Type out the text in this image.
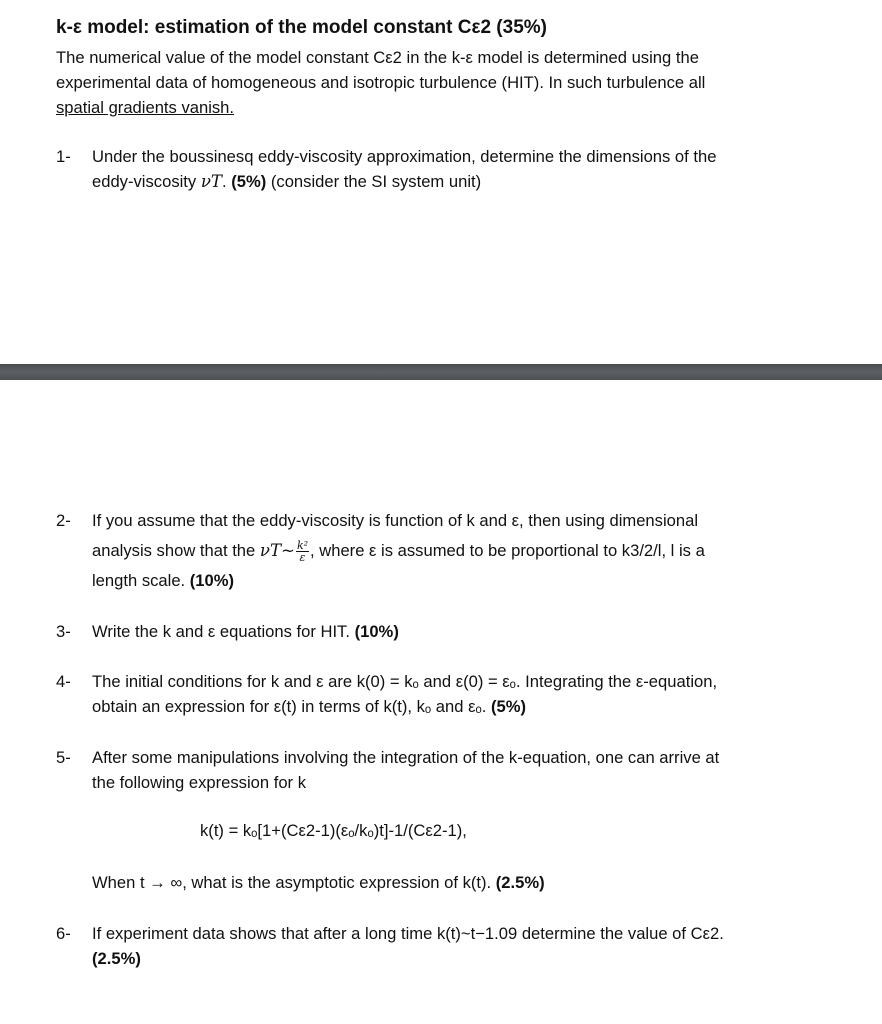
k-ε model: estimation of the model constant Cε2 (35%)
The numerical value of the model constant Cε2 in the k-ε model is determined using the
experimental data of homogeneous and isotropic turbulence (HIT). In such turbulence all
spatial gradients vanish.
1-	Under the boussinesq eddy-viscosity approximation, determine the dimensions of the
eddy-viscosity νT. (5%) (consider the SI system unit)
2-	If you assume that the eddy-viscosity is function of k and ε, then using dimensional
analysis show that the νT~ $\frac{\text{k²}}{\varepsilon}$ , where ε is assumed to be proportional to k3/2/l, l is a
length scale. (10%)
3-	Write the k and ε equations for HIT. (10%)
4-	The initial conditions for k and ε are k(0) = kₒ and ε(0) = εₒ. Integrating the ε-equation,
obtain an expression for ε(t) in terms of k(t), kₒ and εₒ. (5%)
5-	After some manipulations involving the integration of the k-equation, one can arrive at
the following expression for k
k(t) = kₒ[1+(Cε2-1)(εₒ/kₒ)t]-1/(Cε2-1),
When t → ∞, what is the asymptotic expression of k(t). (2.5%)
6-	If experiment data shows that after a long time k(t)~t−1.09 determine the value of Cε2.
(2.5%)
